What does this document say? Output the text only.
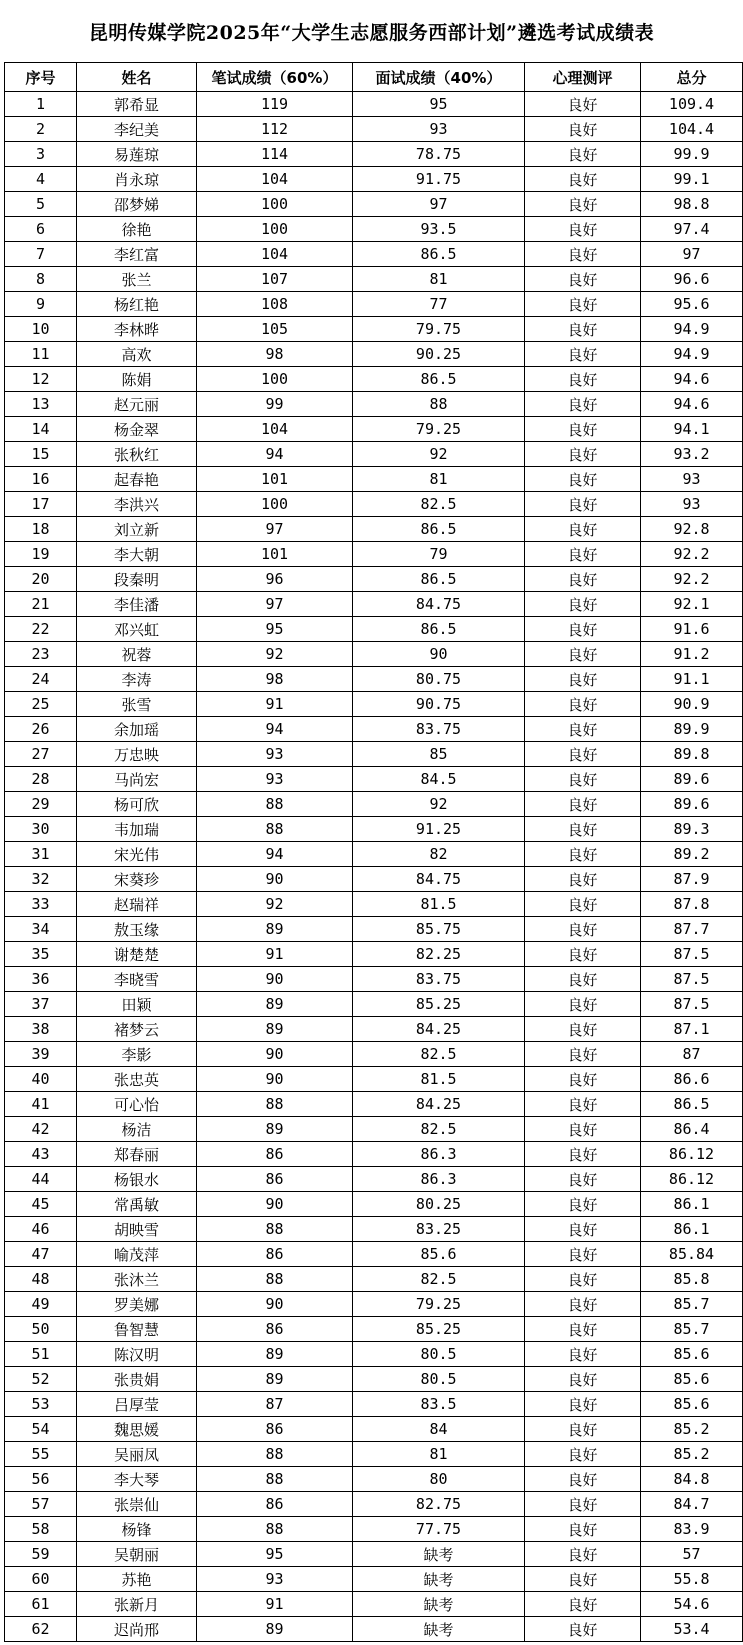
昆明传媒学院2025年“大学生志愿服务西部计划”遴选考试成绩表
序号	姓名	笔试成绩（60%）	面试成绩（40%）	心理测评	总分
1	郭希显	119	95	良好	109.4
2	李纪美	112	93	良好	104.4
3	易莲琼	114	78.75	良好	99.9
4	肖永琼	104	91.75	良好	99.1
5	邵梦娣	100	97	良好	98.8
6	徐艳	100	93.5	良好	97.4
7	李红富	104	86.5	良好	97
8	张兰	107	81	良好	96.6
9	杨红艳	108	77	良好	95.6
10	李林晔	105	79.75	良好	94.9
11	高欢	98	90.25	良好	94.9
12	陈娟	100	86.5	良好	94.6
13	赵元丽	99	88	良好	94.6
14	杨金翠	104	79.25	良好	94.1
15	张秋红	94	92	良好	93.2
16	起春艳	101	81	良好	93
17	李洪兴	100	82.5	良好	93
18	刘立新	97	86.5	良好	92.8
19	李大朝	101	79	良好	92.2
20	段秦明	96	86.5	良好	92.2
21	李佳潘	97	84.75	良好	92.1
22	邓兴虹	95	86.5	良好	91.6
23	祝蓉	92	90	良好	91.2
24	李涛	98	80.75	良好	91.1
25	张雪	91	90.75	良好	90.9
26	余加瑶	94	83.75	良好	89.9
27	万忠映	93	85	良好	89.8
28	马尚宏	93	84.5	良好	89.6
29	杨可欣	88	92	良好	89.6
30	韦加瑞	88	91.25	良好	89.3
31	宋光伟	94	82	良好	89.2
32	宋葵珍	90	84.75	良好	87.9
33	赵瑞祥	92	81.5	良好	87.8
34	敖玉缘	89	85.75	良好	87.7
35	谢楚楚	91	82.25	良好	87.5
36	李晓雪	90	83.75	良好	87.5
37	田颖	89	85.25	良好	87.5
38	褚梦云	89	84.25	良好	87.1
39	李影	90	82.5	良好	87
40	张忠英	90	81.5	良好	86.6
41	可心怡	88	84.25	良好	86.5
42	杨洁	89	82.5	良好	86.4
43	郑春丽	86	86.3	良好	86.12
44	杨银水	86	86.3	良好	86.12
45	常禹敏	90	80.25	良好	86.1
46	胡映雪	88	83.25	良好	86.1
47	喻茂萍	86	85.6	良好	85.84
48	张沐兰	88	82.5	良好	85.8
49	罗美娜	90	79.25	良好	85.7
50	鲁智慧	86	85.25	良好	85.7
51	陈汉明	89	80.5	良好	85.6
52	张贵娟	89	80.5	良好	85.6
53	吕厚莹	87	83.5	良好	85.6
54	魏思媛	86	84	良好	85.2
55	吴丽凤	88	81	良好	85.2
56	李大琴	88	80	良好	84.8
57	张崇仙	86	82.75	良好	84.7
58	杨锋	88	77.75	良好	83.9
59	吴朝丽	95	缺考	良好	57
60	苏艳	93	缺考	良好	55.8
61	张新月	91	缺考	良好	54.6
62	迟尚邢	89	缺考	良好	53.4
